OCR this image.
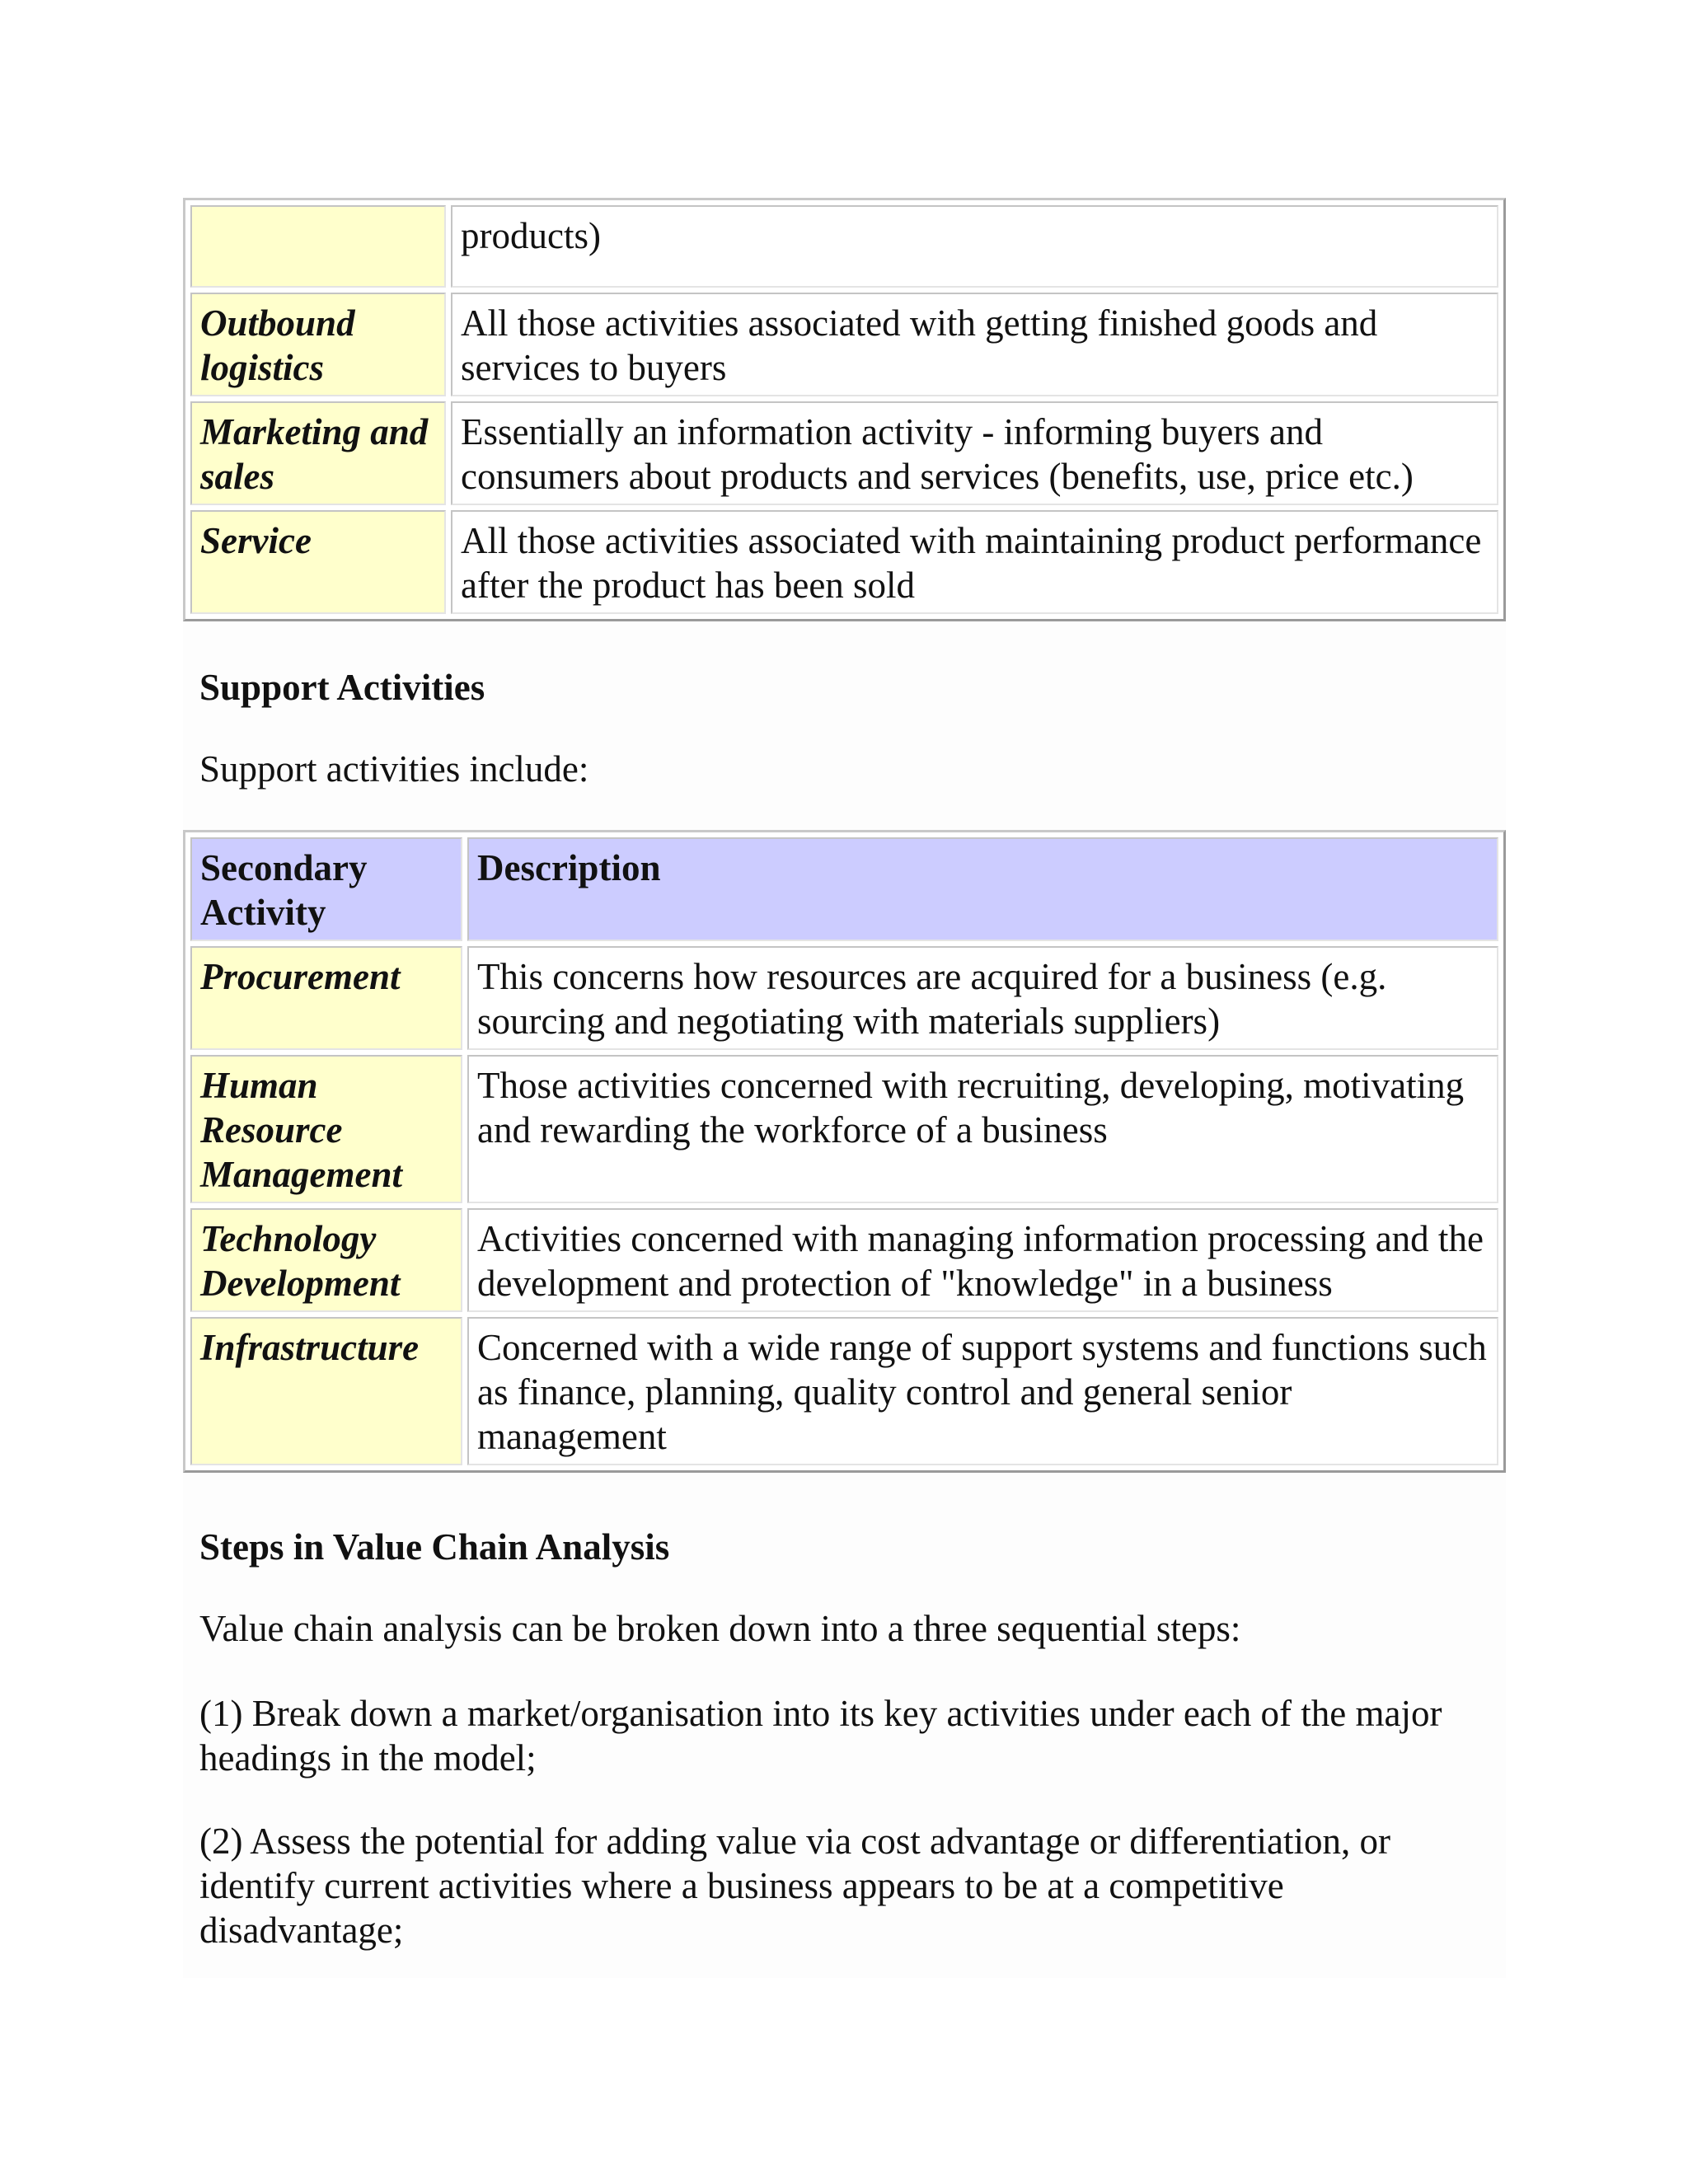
	products)
Outbound logistics	All those activities associated with getting finished goods and services to buyers
Marketing and sales	Essentially an information activity - informing buyers and consumers about products and services (benefits, use, price etc.)
Service	All those activities associated with maintaining product performance after the product has been sold
Support Activities

Support activities include:

Secondary Activity	Description
Procurement	This concerns how resources are acquired for a business (e.g. sourcing and negotiating with materials suppliers)
Human Resource Management	Those activities concerned with recruiting, developing, motivating and rewarding the workforce of a business
Technology Development	Activities concerned with managing information processing and the development and protection of "knowledge" in a business
Infrastructure	Concerned with a wide range of support systems and functions such as finance, planning, quality control and general senior management
Steps in Value Chain Analysis

Value chain analysis can be broken down into a three sequential steps:

(1) Break down a market/organisation into its key activities under each of the major headings in the model;

(2) Assess the potential for adding value via cost advantage or differentiation, or identify current activities where a business appears to be at a competitive disadvantage;
